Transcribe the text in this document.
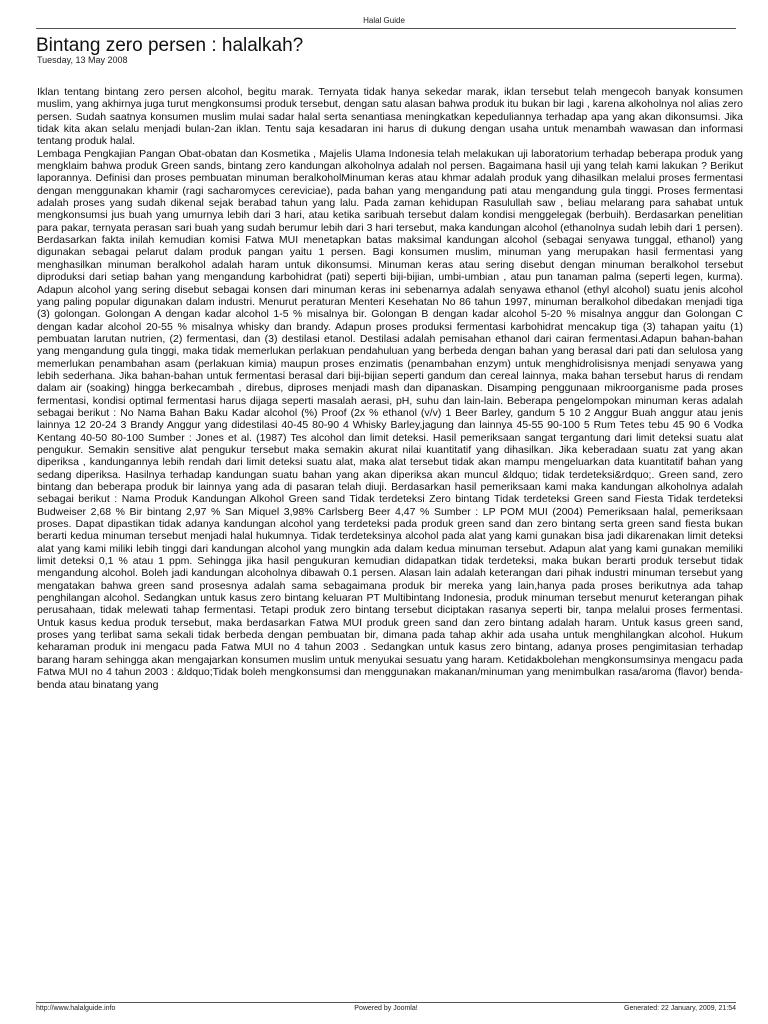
Halal Guide
Bintang zero persen : halalkah?
Tuesday, 13 May 2008

Iklan tentang bintang zero persen alcohol, begitu marak. Ternyata tidak hanya sekedar marak, iklan tersebut telah mengecoh banyak konsumen muslim, yang akhirnya juga turut mengkonsumsi produk tersebut, dengan satu alasan bahwa produk itu bukan bir lagi , karena alkoholnya nol alias zero persen. Sudah saatnya konsumen muslim mulai sadar halal serta senantiasa meningkatkan kepeduliannya terhadap apa yang akan dikonsumsi. Jika tidak kita akan selalu menjadi bulan-2an iklan. Tentu saja kesadaran ini harus di dukung dengan usaha untuk menambah wawasan dan informasi tentang produk halal.

Lembaga Pengkajian Pangan Obat-obatan dan Kosmetika , Majelis Ulama Indonesia telah melakukan uji laboratorium terhadap beberapa produk yang mengklaim bahwa produk Green sands, bintang zero kandungan alkoholnya adalah nol persen. Bagaimana hasil uji yang telah kami lakukan ? Berikut laporannya. Definisi dan proses pembuatan minuman beralkoholMinuman keras atau khmar adalah produk yang dihasilkan melalui proses fermentasi dengan menggunakan khamir (ragi sacharomyces cereviciae), pada bahan yang mengandung pati atau mengandung gula tinggi. Proses fermentasi adalah proses yang sudah dikenal sejak berabad tahun yang lalu. Pada zaman kehidupan Rasulullah saw , beliau melarang para sahabat untuk mengkonsumsi jus buah yang umurnya lebih dari 3 hari, atau ketika saribuah tersebut dalam kondisi menggelegak (berbuih). Berdasarkan penelitian para pakar, ternyata perasan sari buah yang sudah berumur lebih dari 3 hari tersebut, maka kandungan alcohol (ethanolnya sudah lebih dari 1 persen). Berdasarkan fakta inilah kemudian komisi Fatwa MUI menetapkan batas maksimal kandungan alcohol (sebagai senyawa tunggal, ethanol) yang digunakan sebagai pelarut dalam produk pangan yaitu 1 persen. Bagi konsumen muslim, minuman yang merupakan hasil fermentasi yang menghasilkan minuman beralkohol adalah haram untuk dikonsumsi. Minuman keras atau sering disebut dengan minuman beralkohol tersebut diproduksi dari setiap bahan yang mengandung karbohidrat (pati) seperti biji-bijian, umbi-umbian , atau pun tanaman palma (seperti legen, kurma). Adapun alcohol yang sering disebut sebagai konsen dari minuman keras ini sebenarnya adalah senyawa ethanol (ethyl alcohol) suatu jenis alcohol yang paling popular digunakan dalam industri. Menurut peraturan Menteri Kesehatan No 86 tahun 1997, minuman beralkohol dibedakan menjadi tiga (3) golongan. Golongan A dengan kadar alcohol 1-5 % misalnya bir. Golongan B dengan kadar alcohol 5-20 % misalnya anggur dan Golongan C dengan kadar alcohol 20-55 % misalnya whisky dan brandy. Adapun proses produksi fermentasi karbohidrat mencakup tiga (3) tahapan yaitu (1) pembuatan larutan nutrien, (2) fermentasi, dan (3) destilasi etanol. Destilasi adalah pemisahan ethanol dari cairan fermentasi.Adapun bahan-bahan yang mengandung gula tinggi, maka tidak memerlukan perlakuan pendahuluan yang berbeda dengan bahan yang berasal dari pati dan selulosa yang memerlukan penambahan asam (perlakuan kimia) maupun proses enzimatis (penambahan enzym) untuk menghidrolisisnya menjadi senyawa yang lebih sederhana. Jika bahan-bahan untuk fermentasi berasal dari biji-bijian seperti gandum dan cereal lainnya, maka bahan tersebut harus di rendam dalam air (soaking) hingga berkecambah , direbus, diproses menjadi mash dan dipanaskan. Disamping penggunaan mikroorganisme pada proses fermentasi, kondisi optimal fermentasi harus dijaga seperti masalah aerasi, pH, suhu dan lain-lain. Beberapa pengelompokan minuman keras adalah sebagai berikut : No Nama Bahan Baku Kadar alcohol (%) Proof (2x % ethanol (v/v) 1 Beer Barley, gandum 5 10 2 Anggur Buah anggur atau jenis lainnya 12 20-24 3 Brandy Anggur yang didestilasi 40-45 80-90 4 Whisky Barley,jagung dan lainnya 45-55 90-100 5 Rum Tetes tebu 45 90 6 Vodka Kentang 40-50 80-100 Sumber : Jones et al. (1987) Tes alcohol dan limit deteksi. Hasil pemeriksaan sangat tergantung dari limit deteksi suatu alat pengukur. Semakin sensitive alat pengukur tersebut maka semakin akurat nilai kuantitatif yang dihasilkan. Jika keberadaan suatu zat yang akan diperiksa , kandungannya lebih rendah dari limit deteksi suatu alat, maka alat tersebut tidak akan mampu mengeluarkan data kuantitatif bahan yang sedang diperiksa. Hasilnya terhadap kandungan suatu bahan yang akan diperiksa akan muncul &ldquo; tidak terdeteksi&rdquo;. Green sand, zero bintang dan beberapa produk bir lainnya yang ada di pasaran telah diuji. Berdasarkan hasil pemeriksaan kami maka kandungan alkoholnya adalah sebagai berikut : Nama Produk Kandungan Alkohol Green sand Tidak terdeteksi Zero bintang Tidak terdeteksi Green sand Fiesta Tidak terdeteksi Budweiser 2,68 % Bir bintang 2,97 % San Miquel 3,98% Carlsberg Beer 4,47 % Sumber : LP POM MUI (2004) Pemeriksaan halal, pemeriksaan proses. Dapat dipastikan tidak adanya kandungan alcohol yang terdeteksi pada produk green sand dan zero bintang serta green sand fiesta bukan berarti kedua minuman tersebut menjadi halal hukumnya. Tidak terdeteksinya alcohol pada alat yang kami gunakan bisa jadi dikarenakan limit deteksi alat yang kami miliki lebih tinggi dari kandungan alcohol yang mungkin ada dalam kedua minuman tersebut. Adapun alat yang kami gunakan memiliki limit deteksi 0,1 % atau 1 ppm. Sehingga jika hasil pengukuran kemudian didapatkan tidak terdeteksi, maka bukan berarti produk tersebut tidak mengandung alcohol. Boleh jadi kandungan alcoholnya dibawah 0.1 persen. Alasan lain adalah keterangan dari pihak industri minuman tersebut yang mengatakan bahwa green sand prosesnya adalah sama sebagaimana produk bir mereka yang lain,hanya pada proses berikutnya ada tahap penghilangan alcohol. Sedangkan untuk kasus zero bintang keluaran PT Multibintang Indonesia, produk minuman tersebut menurut keterangan pihak perusahaan, tidak melewati tahap fermentasi. Tetapi produk zero bintang tersebut diciptakan rasanya seperti bir, tanpa melalui proses fermentasi. Untuk kasus kedua produk tersebut, maka berdasarkan Fatwa MUI produk green sand dan zero bintang adalah haram. Untuk kasus green sand, proses yang terlibat sama sekali tidak berbeda dengan pembuatan bir, dimana pada tahap akhir ada usaha untuk menghilangkan alcohol. Hukum keharaman produk ini mengacu pada Fatwa MUI no 4 tahun 2003 . Sedangkan untuk kasus zero bintang, adanya proses pengimitasian terhadap barang haram sehingga akan mengajarkan konsumen muslim untuk menyukai sesuatu yang haram. Ketidakbolehan mengkonsumsinya mengacu pada Fatwa MUI no 4 tahun 2003 : &ldquo;Tidak boleh mengkonsumsi dan menggunakan makanan/minuman yang menimbulkan rasa/aroma (flavor) benda-benda atau binatang yang

http://www.halalguide.info	Powered by Joomla!	Generated: 22 January, 2009, 21:54
